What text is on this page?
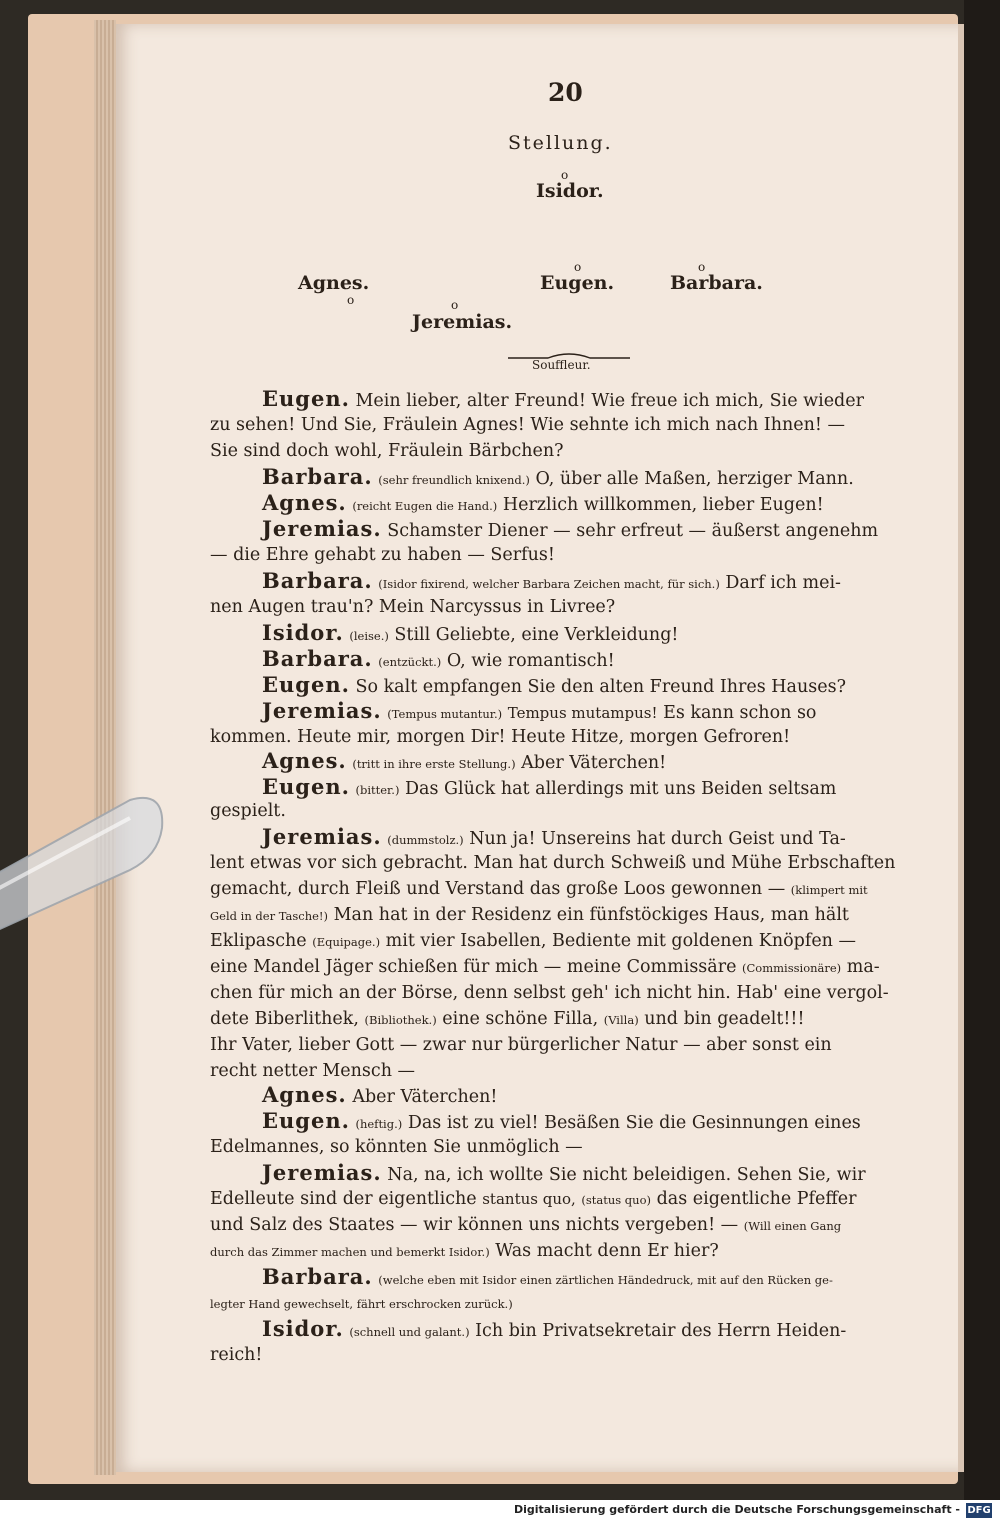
20
Stellung.
o
Isidor.
o	o
Agnes.	Eugen.	Barbara.
o	o
Jeremias.
Souffleur.
Eugen. Mein lieber, alter Freund! Wie freue ich mich, Sie wieder
zu sehen! Und Sie, Fräulein Agnes! Wie sehnte ich mich nach Ihnen! —
Sie sind doch wohl, Fräulein Bärbchen?
Barbara. (sehr freundlich knixend.) O, über alle Maßen, herziger Mann.
Agnes. (reicht Eugen die Hand.) Herzlich willkommen, lieber Eugen!
Jeremias. Schamster Diener — sehr erfreut — äußerst angenehm
— die Ehre gehabt zu haben — Serfus!
Barbara. (Isidor fixirend, welcher Barbara Zeichen macht, für sich.) Darf ich mei-
nen Augen trau'n? Mein Narcyssus in Livree?
Isidor. (leise.) Still Geliebte, eine Verkleidung!
Barbara. (entzückt.) O, wie romantisch!
Eugen. So kalt empfangen Sie den alten Freund Ihres Hauses?
Jeremias. (Tempus mutantur.) Tempus mutampus! Es kann schon so
kommen. Heute mir, morgen Dir! Heute Hitze, morgen Gefroren!
Agnes. (tritt in ihre erste Stellung.) Aber Väterchen!
Eugen. (bitter.) Das Glück hat allerdings mit uns Beiden seltsam
gespielt.
Jeremias. (dummstolz.) Nun ja! Unsereins hat durch Geist und Ta-
lent etwas vor sich gebracht. Man hat durch Schweiß und Mühe Erbschaften
gemacht, durch Fleiß und Verstand das große Loos gewonnen — (klimpert mit
Geld in der Tasche!) Man hat in der Residenz ein fünfstöckiges Haus, man hält
Eklipasche (Equipage.) mit vier Isabellen, Bediente mit goldenen Knöpfen —
eine Mandel Jäger schießen für mich — meine Commissäre (Commissionäre) ma-
chen für mich an der Börse, denn selbst geh' ich nicht hin. Hab' eine vergol-
dete Biberlithek, (Bibliothek.) eine schöne Filla, (Villa) und bin geadelt!!!
Ihr Vater, lieber Gott — zwar nur bürgerlicher Natur — aber sonst ein
recht netter Mensch —
Agnes. Aber Väterchen!
Eugen. (heftig.) Das ist zu viel! Besäßen Sie die Gesinnungen eines
Edelmannes, so könnten Sie unmöglich —
Jeremias. Na, na, ich wollte Sie nicht beleidigen. Sehen Sie, wir
Edelleute sind der eigentliche stantus quo, (status quo) das eigentliche Pfeffer
und Salz des Staates — wir können uns nichts vergeben! — (Will einen Gang
durch das Zimmer machen und bemerkt Isidor.) Was macht denn Er hier?
Barbara. (welche eben mit Isidor einen zärtlichen Händedruck, mit auf den Rücken ge-
legter Hand gewechselt, fährt erschrocken zurück.)
Isidor. (schnell und galant.) Ich bin Privatsekretair des Herrn Heiden-
reich!
Digitalisierung gefördert durch die Deutsche Forschungsgemeinschaft - DFG
